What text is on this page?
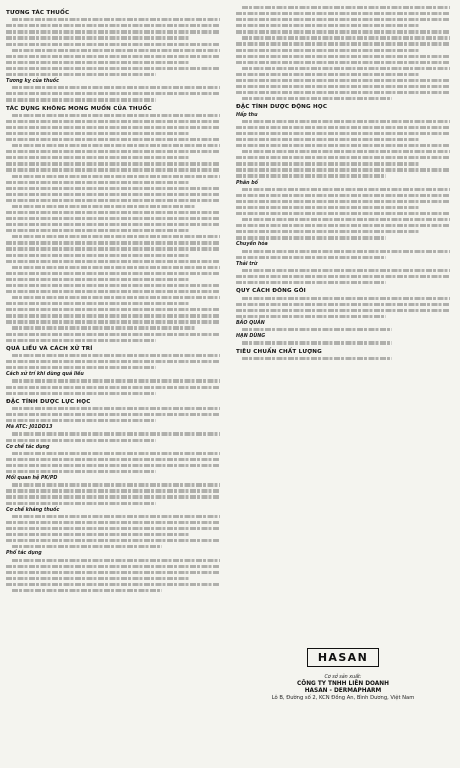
TƯƠNG TÁC THUỐC
Tương kỵ của thuốc
TÁC DỤNG KHÔNG MONG MUỐN CỦA THUỐC
QUÁ LIỀU VÀ CÁCH XỬ TRÍ
Cách xử trí khi dùng quá liều
ĐẶC TÍNH DƯỢC LỰC HỌC
Mã ATC: J01DD13
Cơ chế tác dụng
Mối quan hệ PK/PD
Cơ chế kháng thuốc
Phổ tác dụng
ĐẶC TÍNH DƯỢC ĐỘNG HỌC
Hấp thu
Phân bố
Chuyển hóa
Thải trừ
QUY CÁCH ĐÓNG GÓI
BẢO QUẢN
HẠN DÙNG
TIÊU CHUẨN CHẤT LƯỢNG
HASAN
Cơ sở sản xuất:
CÔNG TY TNHH LIÊN DOANH
HASAN - DERMAPHARM
Lô B, Đường số 2, KCN Đồng An, Bình Dương, Việt Nam
